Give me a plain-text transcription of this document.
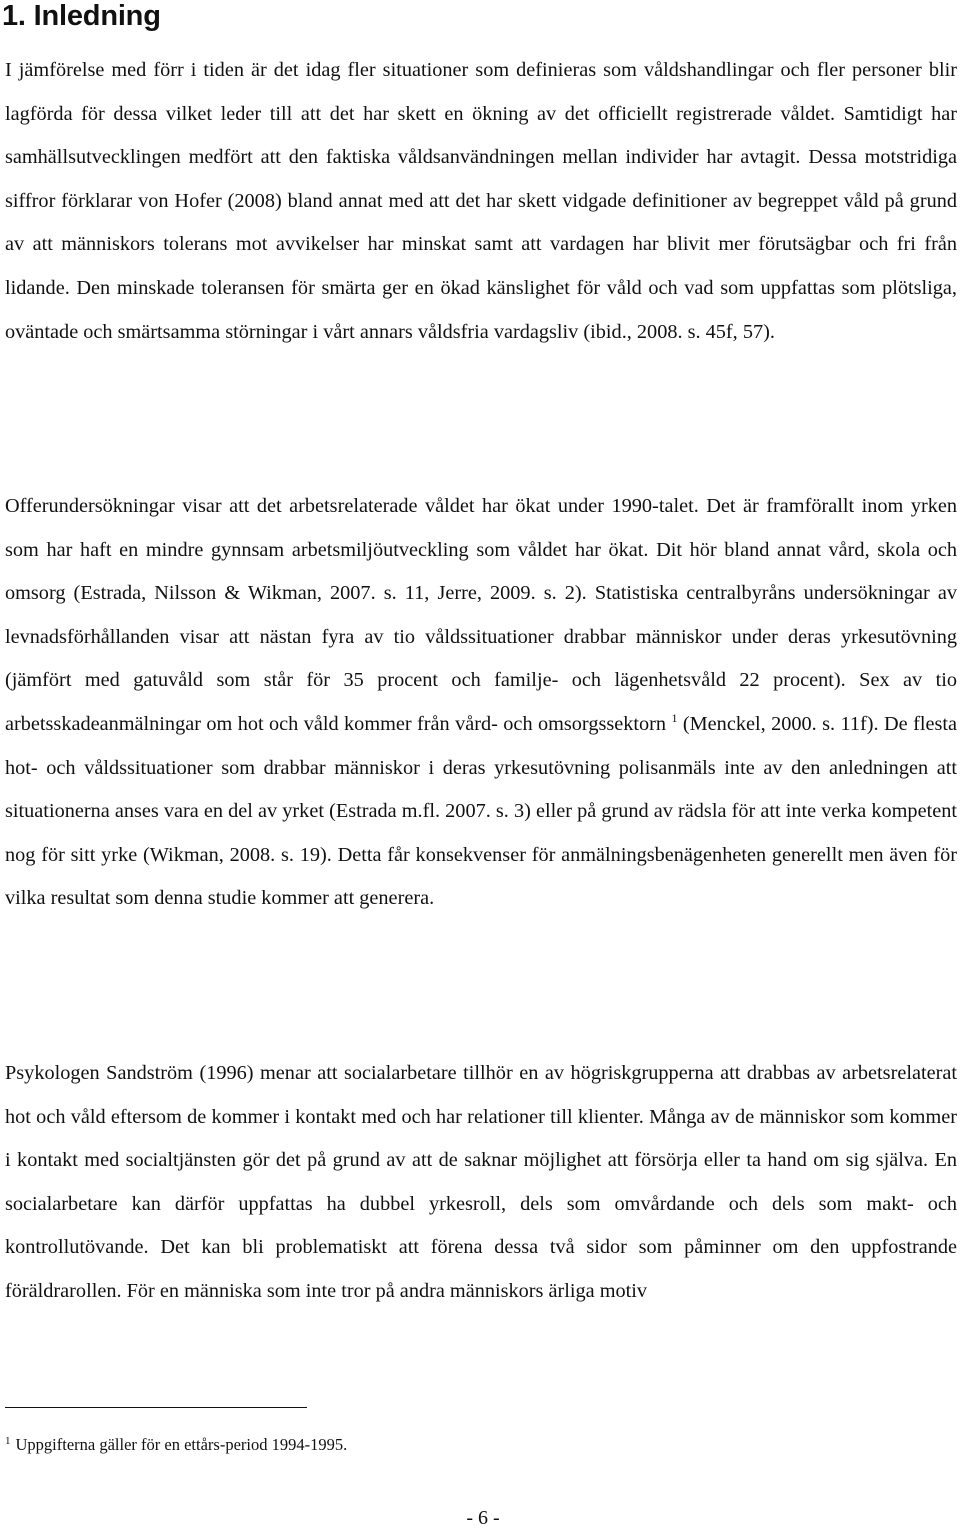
1. Inledning

I jämförelse med förr i tiden är det idag fler situationer som definieras som våldshandlingar och fler personer blir lagförda för dessa vilket leder till att det har skett en ökning av det officiellt registrerade våldet. Samtidigt har samhällsutvecklingen medfört att den faktiska våldsanvändningen mellan individer har avtagit. Dessa motstridiga siffror förklarar von Hofer (2008) bland annat med att det har skett vidgade definitioner av begreppet våld på grund av att människors tolerans mot avvikelser har minskat samt att vardagen har blivit mer förutsägbar och fri från lidande. Den minskade toleransen för smärta ger en ökad känslighet för våld och vad som uppfattas som plötsliga, oväntade och smärtsamma störningar i vårt annars våldsfria vardagsliv (ibid., 2008. s. 45f, 57).

Offerundersökningar visar att det arbetsrelaterade våldet har ökat under 1990-talet. Det är framförallt inom yrken som har haft en mindre gynnsam arbetsmiljöutveckling som våldet har ökat. Dit hör bland annat vård, skola och omsorg (Estrada, Nilsson & Wikman, 2007. s. 11, Jerre, 2009. s. 2). Statistiska centralbyråns undersökningar av levnadsförhållanden visar att nästan fyra av tio våldssituationer drabbar människor under deras yrkesutövning (jämfört med gatuvåld som står för 35 procent och familje- och lägenhetsvåld 22 procent). Sex av tio arbetsskadeanmälningar om hot och våld kommer från vård- och omsorgssektorn $^1$ (Menckel, 2000. s. 11f). De flesta hot- och våldssituationer som drabbar människor i deras yrkesutövning polisanmäls inte av den anledningen att situationerna anses vara en del av yrket (Estrada m.fl. 2007. s. 3) eller på grund av rädsla för att inte verka kompetent nog för sitt yrke (Wikman, 2008. s. 19). Detta får konsekvenser för anmälningsbenägenheten generellt men även för vilka resultat som denna studie kommer att generera.

Psykologen Sandström (1996) menar att socialarbetare tillhör en av högriskgrupperna att drabbas av arbetsrelaterat hot och våld eftersom de kommer i kontakt med och har relationer till klienter. Många av de människor som kommer i kontakt med socialtjänsten gör det på grund av att de saknar möjlighet att försörja eller ta hand om sig själva. En socialarbetare kan därför uppfattas ha dubbel yrkesroll, dels som omvårdande och dels som makt- och kontrollutövande. Det kan bli problematiskt att förena dessa två sidor som påminner om den uppfostrande föräldrarollen. För en människa som inte tror på andra människors ärliga motiv

$^1$ Uppgifterna gäller för en ettårs-period 1994-1995.

- 6 -
